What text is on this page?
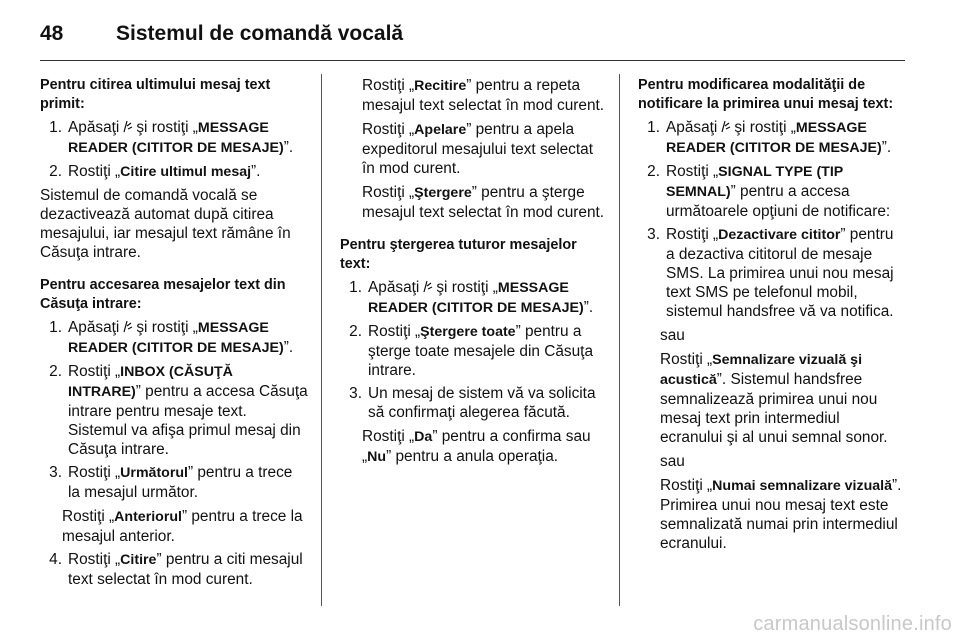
48	Sistemul de comandă vocală

Pentru citirea ultimului mesaj text primit:

1. Apăsaţi şi rostiţi „MESSAGE READER (CITITOR DE MESAJE)”.
2. Rostiţi „Citire ultimul mesaj”.

Sistemul de comandă vocală se dezactivează automat după citirea mesajului, iar mesajul text rămâne în Căsuţa intrare.

Pentru accesarea mesajelor text din Căsuţa intrare:

1. Apăsaţi şi rostiţi „MESSAGE READER (CITITOR DE MESAJE)”.
2. Rostiţi „INBOX (CĂSUŢĂ INTRARE)” pentru a accesa Căsuţa intrare pentru mesaje text. Sistemul va afişa primul mesaj din Căsuţa intrare.
3. Rostiţi „Următorul” pentru a trece la mesajul următor.
Rostiţi „Anteriorul” pentru a trece la mesajul anterior.
4. Rostiţi „Citire” pentru a citi mesajul text selectat în mod curent.
Rostiţi „Recitire” pentru a repeta mesajul text selectat în mod curent.
Rostiţi „Apelare” pentru a apela expeditorul mesajului text selectat în mod curent.
Rostiţi „Ştergere” pentru a şterge mesajul text selectat în mod curent.

Pentru ştergerea tuturor mesajelor text:

1. Apăsaţi şi rostiţi „MESSAGE READER (CITITOR DE MESAJE)”.
2. Rostiţi „Ştergere toate” pentru a şterge toate mesajele din Căsuţa intrare.
3. Un mesaj de sistem vă va solicita să confirmaţi alegerea făcută.
Rostiţi „Da” pentru a confirma sau „Nu” pentru a anula operaţia.

Pentru modificarea modalităţii de notificare la primirea unui mesaj text:

1. Apăsaţi şi rostiţi „MESSAGE READER (CITITOR DE MESAJE)”.
2. Rostiţi „SIGNAL TYPE (TIP SEMNAL)” pentru a accesa următoarele opţiuni de notificare:
3. Rostiţi „Dezactivare cititor” pentru a dezactiva cititorul de mesaje SMS. La primirea unui nou mesaj text SMS pe telefonul mobil, sistemul handsfree vă va notifica.
sau
Rostiţi „Semnalizare vizuală şi acustică”. Sistemul handsfree semnalizează primirea unui nou mesaj text prin intermediul ecranului şi al unui semnal sonor.
sau
Rostiţi „Numai semnalizare vizuală”. Primirea unui nou mesaj text este semnalizată numai prin intermediul ecranului.
carmanualsonline.info
